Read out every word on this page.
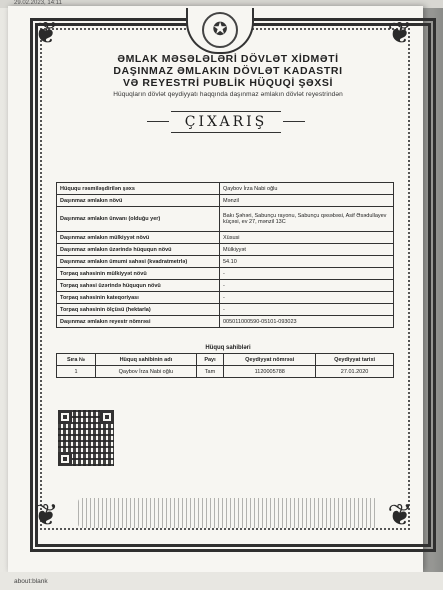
29.02.2023, 14:11
❦	❦
❦	❦
✪
ƏMLAK MƏSƏLƏLƏRİ DÖVLƏT XİDMƏTİ
DAŞINMAZ ƏMLAKIN DÖVLƏT KADASTRI
VƏ REYESTRİ PUBLİK HÜQUQİ ŞƏXSİ
Hüquqların dövlət qeydiyyatı haqqında daşınmaz əmlakın dövlət reyestrindən
ÇIXARIŞ
Hüququ rəsmiləşdirilən şəxs	Qaybov İrza Nabi oğlu
Daşınmaz əmlakın növü	Mənzil
Daşınmaz əmlakın ünvanı (olduğu yer)	Bakı Şəhəri, Sabunçu rayonu, Sabunçu qəsəbəsi, Asif Əsədullayev küçəsi, ev 27, mənzil 13C
Daşınmaz əmlakın mülkiyyət növü	Xüsusi
Daşınmaz əmlakın üzərində hüququn növü	Mülkiyyət
Daşınmaz əmlakın ümumi sahəsi (kvadratmetrlə)	54.10
Torpaq sahəsinin mülkiyyət növü	-
Torpaq sahəsi üzərində hüququn növü	-
Torpaq sahəsinin kateqoriyası	-
Torpaq sahəsinin ölçüsü (hektarla)	-
Daşınmaz əmlakın reyestr nömrəsi	005011000590-05101-093023
Hüquq sahibləri
Sıra №	Hüquq sahibinin adı	Payı	Qeydiyyat nömrəsi	Qeydiyyat tarixi
1	Qaybov İrza Nabi oğlu	Tam	1120005788	27.01.2020
about:blank
